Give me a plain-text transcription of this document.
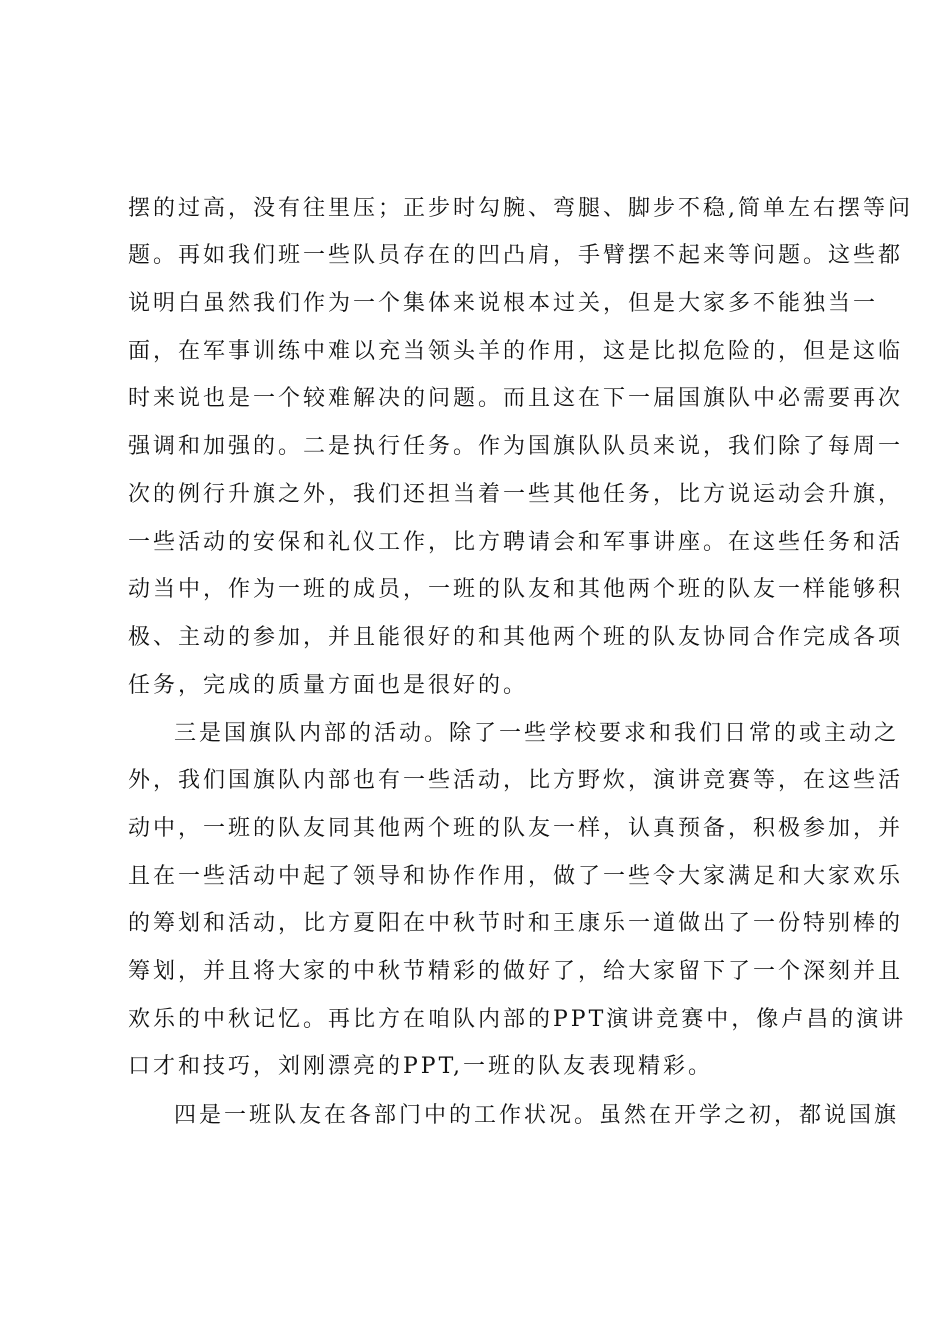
摆的过高，没有往里压；正步时勾腕、弯腿、脚步不稳,简单左右摆等问
题。再如我们班一些队员存在的凹凸肩，手臂摆不起来等问题。这些都
说明白虽然我们作为一个集体来说根本过关，但是大家多不能独当一
面，在军事训练中难以充当领头羊的作用，这是比拟危险的，但是这临
时来说也是一个较难解决的问题。而且这在下一届国旗队中必需要再次
强调和加强的。二是执行任务。作为国旗队队员来说，我们除了每周一
次的例行升旗之外，我们还担当着一些其他任务，比方说运动会升旗，
一些活动的安保和礼仪工作，比方聘请会和军事讲座。在这些任务和活
动当中，作为一班的成员，一班的队友和其他两个班的队友一样能够积
极、主动的参加，并且能很好的和其他两个班的队友协同合作完成各项
任务，完成的质量方面也是很好的。
三是国旗队内部的活动。除了一些学校要求和我们日常的或主动之
外，我们国旗队内部也有一些活动，比方野炊，演讲竞赛等，在这些活
动中，一班的队友同其他两个班的队友一样，认真预备，积极参加，并
且在一些活动中起了领导和协作作用，做了一些令大家满足和大家欢乐
的筹划和活动，比方夏阳在中秋节时和王康乐一道做出了一份特别棒的
筹划，并且将大家的中秋节精彩的做好了，给大家留下了一个深刻并且
欢乐的中秋记忆。再比方在咱队内部的PPT演讲竞赛中，像卢昌的演讲
口才和技巧，刘刚漂亮的PPT,一班的队友表现精彩。
四是一班队友在各部门中的工作状况。虽然在开学之初，都说国旗
